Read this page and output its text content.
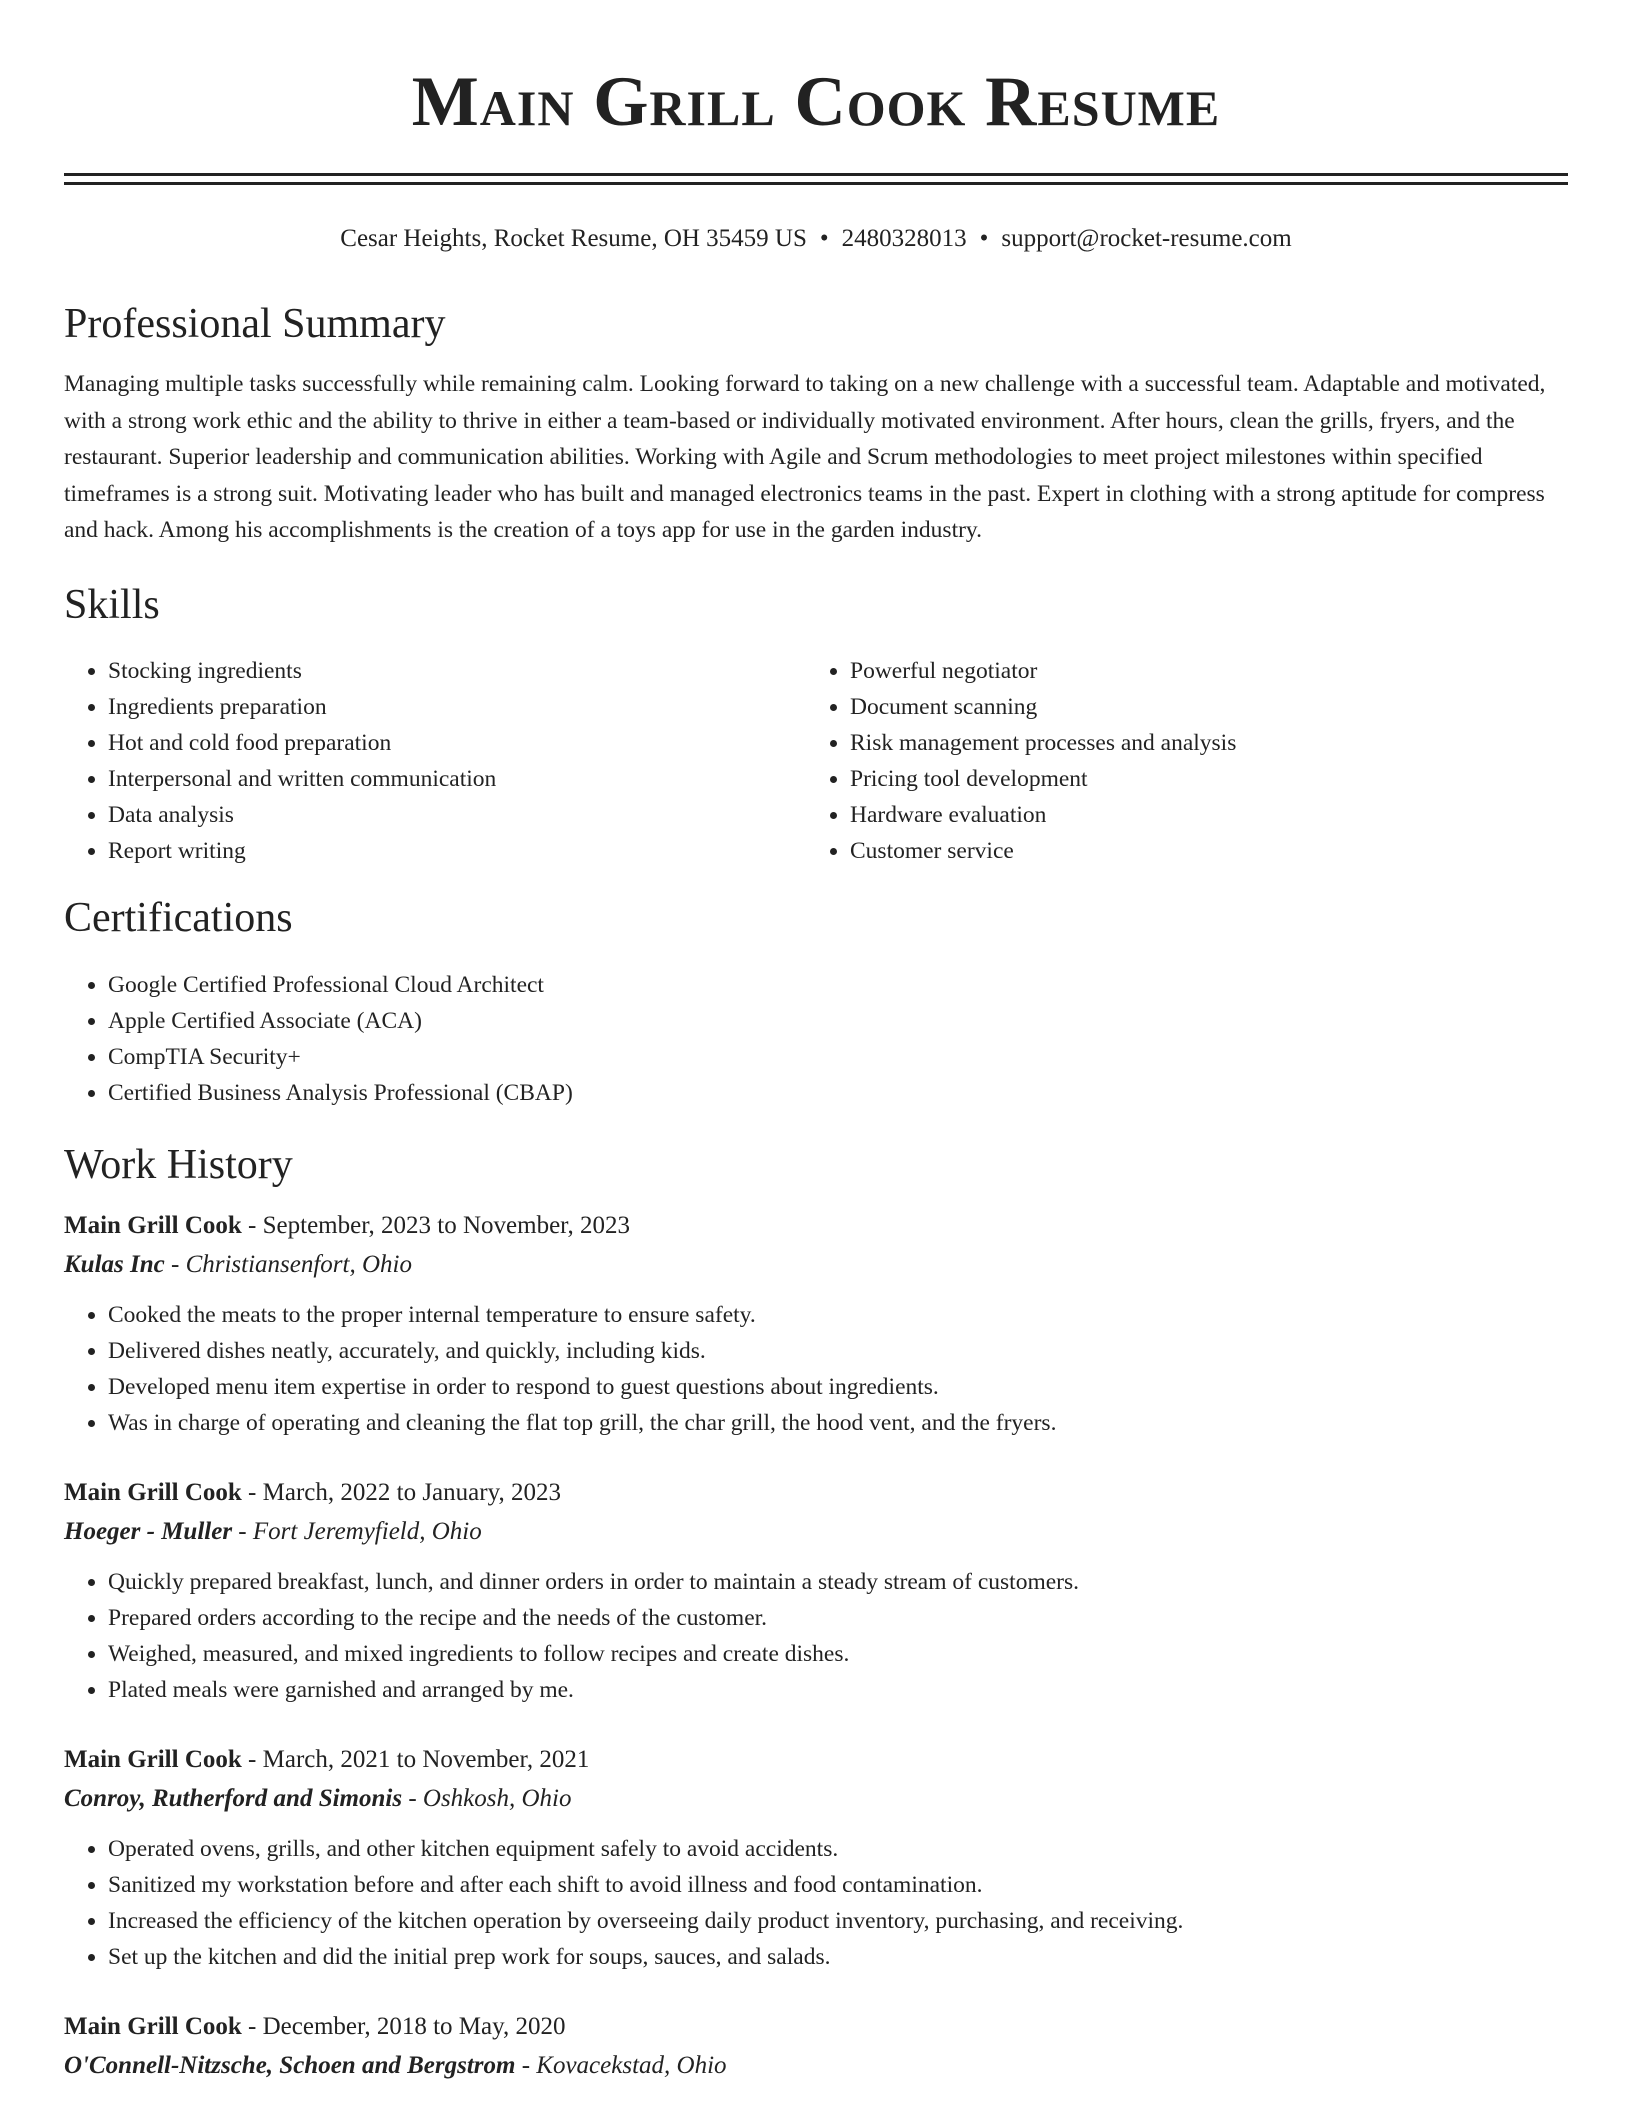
Main Grill Cook Resume
Cesar Heights, Rocket Resume, OH 35459 US • 2480328013 • support@rocket-resume.com
Professional Summary

Managing multiple tasks successfully while remaining calm. Looking forward to taking on a new challenge with a successful team. Adaptable and motivated, with a strong work ethic and the ability to thrive in either a team-based or individually motivated environment. After hours, clean the grills, fryers, and the restaurant. Superior leadership and communication abilities. Working with Agile and Scrum methodologies to meet project milestones within specified timeframes is a strong suit. Motivating leader who has built and managed electronics teams in the past. Expert in clothing with a strong aptitude for compress and hack. Among his accomplishments is the creation of a toys app for use in the garden industry.

Skills
• Stocking ingredients
• Ingredients preparation
• Hot and cold food preparation
• Interpersonal and written communication
• Data analysis
• Report writing
• Powerful negotiator
• Document scanning
• Risk management processes and analysis
• Pricing tool development
• Hardware evaluation
• Customer service
Certifications
• Google Certified Professional Cloud Architect
• Apple Certified Associate (ACA)
• CompTIA Security+
• Certified Business Analysis Professional (CBAP)
Work History
Main Grill Cook - September, 2023 to November, 2023
Kulas Inc - Christiansenfort, Ohio
• Cooked the meats to the proper internal temperature to ensure safety.
• Delivered dishes neatly, accurately, and quickly, including kids.
• Developed menu item expertise in order to respond to guest questions about ingredients.
• Was in charge of operating and cleaning the flat top grill, the char grill, the hood vent, and the fryers.
Main Grill Cook - March, 2022 to January, 2023
Hoeger - Muller - Fort Jeremyfield, Ohio
• Quickly prepared breakfast, lunch, and dinner orders in order to maintain a steady stream of customers.
• Prepared orders according to the recipe and the needs of the customer.
• Weighed, measured, and mixed ingredients to follow recipes and create dishes.
• Plated meals were garnished and arranged by me.
Main Grill Cook - March, 2021 to November, 2021
Conroy, Rutherford and Simonis - Oshkosh, Ohio
• Operated ovens, grills, and other kitchen equipment safely to avoid accidents.
• Sanitized my workstation before and after each shift to avoid illness and food contamination.
• Increased the efficiency of the kitchen operation by overseeing daily product inventory, purchasing, and receiving.
• Set up the kitchen and did the initial prep work for soups, sauces, and salads.
Main Grill Cook - December, 2018 to May, 2020
O'Connell-Nitzsche, Schoen and Bergstrom - Kovacekstad, Ohio
